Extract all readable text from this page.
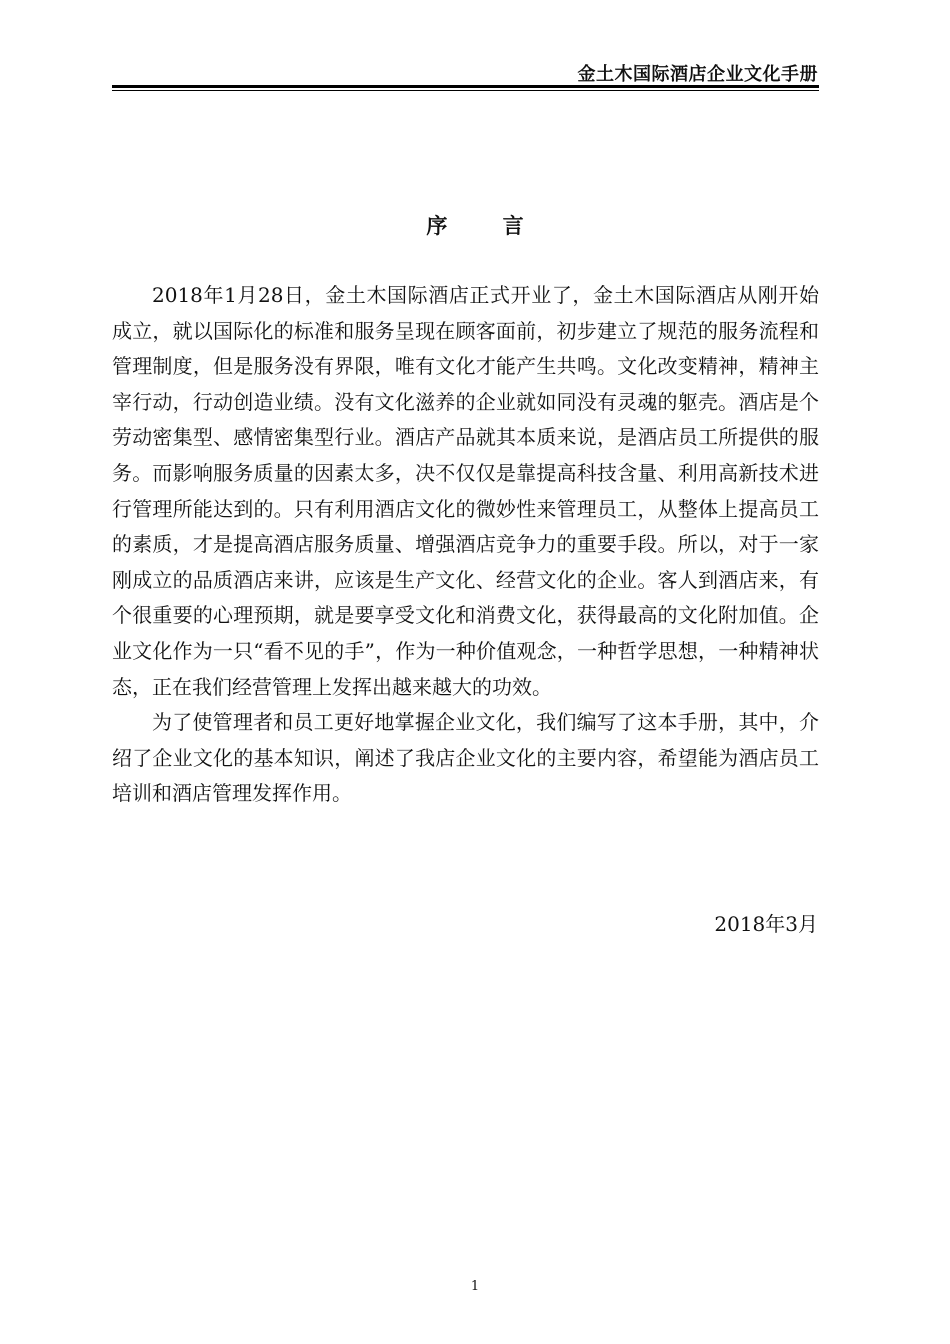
金土木国际酒店企业文化手册
序 言

2018年1月28日，金土木国际酒店正式开业了，金土木国际酒店从刚开始成立，就以国际化的标准和服务呈现在顾客面前，初步建立了规范的服务流程和管理制度，但是服务没有界限，唯有文化才能产生共鸣。文化改变精神，精神主宰行动，行动创造业绩。没有文化滋养的企业就如同没有灵魂的躯壳。酒店是个劳动密集型、感情密集型行业。酒店产品就其本质来说，是酒店员工所提供的服务。而影响服务质量的因素太多，决不仅仅是靠提高科技含量、利用高新技术进行管理所能达到的。只有利用酒店文化的微妙性来管理员工，从整体上提高员工的素质，才是提高酒店服务质量、增强酒店竞争力的重要手段。所以，对于一家刚成立的品质酒店来讲，应该是生产文化、经营文化的企业。客人到酒店来，有个很重要的心理预期，就是要享受文化和消费文化，获得最高的文化附加值。企业文化作为一只“看不见的手”，作为一种价值观念，一种哲学思想，一种精神状态，正在我们经营管理上发挥出越来越大的功效。

为了使管理者和员工更好地掌握企业文化，我们编写了这本手册，其中，介绍了企业文化的基本知识，阐述了我店企业文化的主要内容，希望能为酒店员工培训和酒店管理发挥作用。

2018年3月
1
